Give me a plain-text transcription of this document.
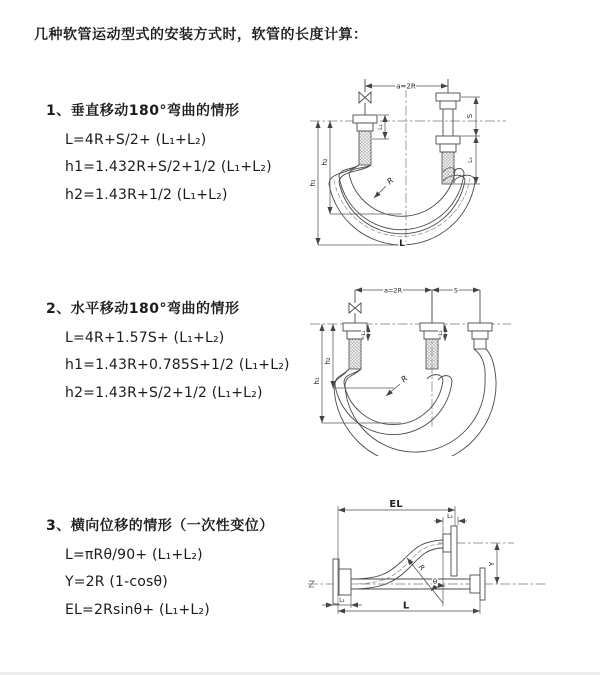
几种软管运动型式的安装方式时，软管的长度计算：
1、垂直移动180°弯曲的情形
L=4R+S/2+ (L₁+L₂)
h1=1.432R+S/2+1/2 (L₁+L₂)
h2=1.43R+1/2 (L₁+L₂)
a=2R
S
L₂
L₁
h₁
h₂
R
L
2、水平移动180°弯曲的情形
L=4R+1.57S+ (L₁+L₂)
h1=1.43R+0.785S+1/2 (L₁+L₂)
h2=1.43R+S/2+1/2 (L₁+L₂)
a=2R	S
L₁	L₂
h₁
h₂
R
3、横向位移的情形（一次性变位）
L=πRθ/90+ (L₁+L₂)
Y=2R (1-cosθ)
EL=2Rsinθ+ (L₁+L₂)
EL
L₂
Y
R
θ
L
L₁
